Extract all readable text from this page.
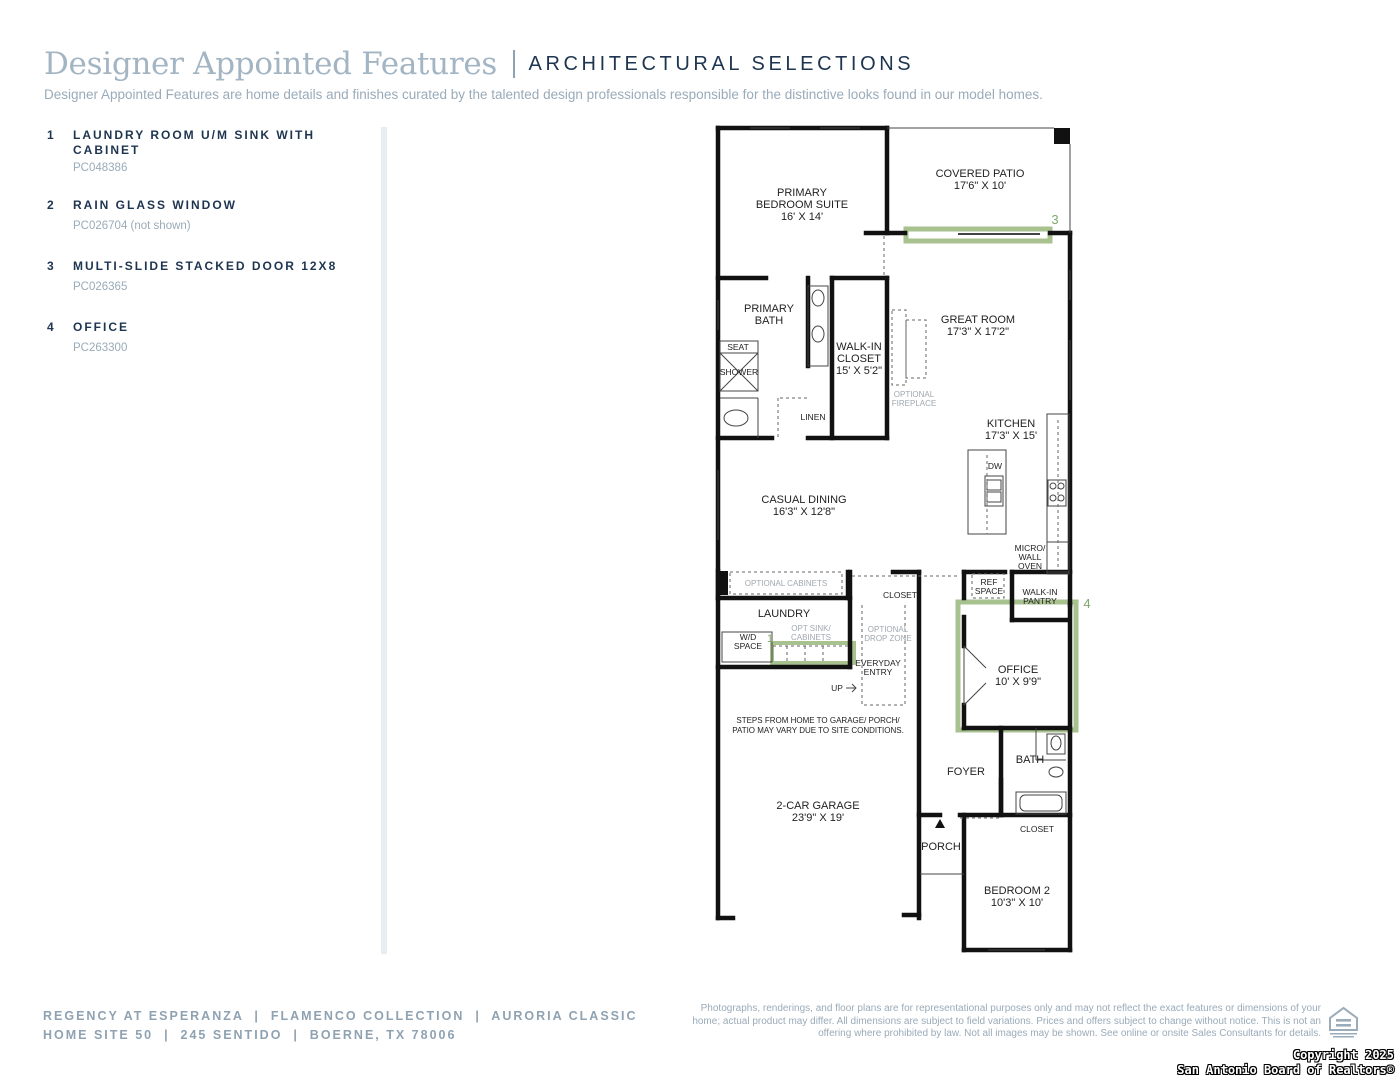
Designer Appointed Features ARCHITECTURAL SELECTIONS
Designer Appointed Features are home details and finishes curated by the talented design professionals responsible for the distinctive looks found in our model homes.
1 LAUNDRY ROOM U/M SINK WITH CABINET
PC048386
2 RAIN GLASS WINDOW
PC026704 (not shown)
3 MULTI-SLIDE STACKED DOOR 12X8
PC026365
4 OFFICE
PC263300
COVERED PATIO
17'6" X 10'
PRIMARY
BEDROOM SUITE
16' X 14'
PRIMARY
BATH
WALK-IN
CLOSET
15' X 5'2"
GREAT ROOM
17'3" X 17'2"
KITCHEN
17'3" X 15'
CASUAL DINING
16'3" X 12'8"
LAUNDRY
OFFICE
10' X 9'9"
FOYER
BATH
2-CAR GARAGE
23'9" X 19'
PORCH
BEDROOM 2
10'3" X 10'
SEAT
SHOWER
LINEN
DW
MICRO/
WALL
OVEN
CLOSET
REF
SPACE WALK-IN
PANTRY
W/D
SPACE
EVERYDAY
ENTRY
UP
CLOSET
STEPS FROM HOME TO GARAGE/ PORCH/
PATIO MAY VARY DUE TO SITE CONDITIONS.
OPTIONAL
FIREPLACE
OPTIONAL CABINETS
OPT SINK/
CABINETS
OPTIONAL
DROP ZONE
3
4
1
REGENCY AT ESPERANZA  |  FLAMENCO COLLECTION  |  AURORIA CLASSIC
HOME SITE 50  |  245 SENTIDO  |  BOERNE, TX 78006
Photographs, renderings, and floor plans are for representational purposes only and may not reflect the exact features or dimensions of your home; actual product may differ. All dimensions are subject to field variations. Prices and offers subject to change without notice. This is not an offering where prohibited by law. Not all images may be shown. See online or onsite Sales Consultants for details.
Copyright 2025
San Antonio Board of Realtors®
